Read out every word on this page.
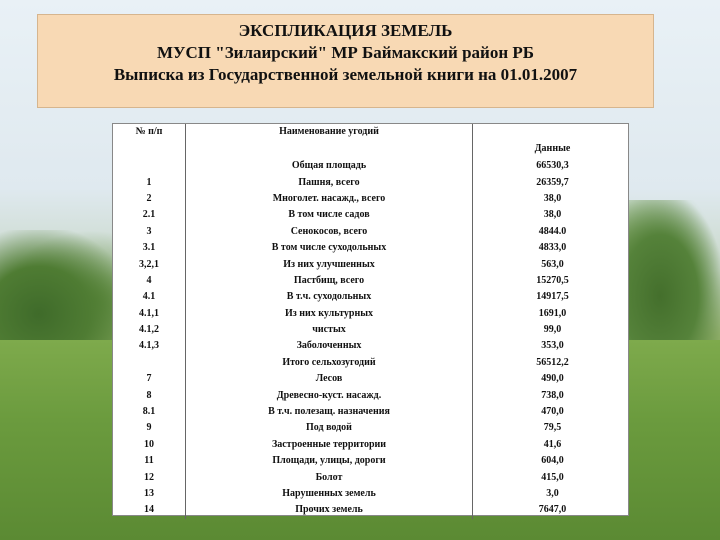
ЭКСПЛИКАЦИЯ ЗЕМЕЛЬ
МУСП "Зилаирский" МР Баймакский район РБ
Выписка из Государственной земельной книги на 01.01.2007
№ п/п	Наименование угодий	
		Данные
	Общая площадь	66530,3
1	Пашня, всего	26359,7
2	Многолет. насажд., всего	38,0
2.1	В том числе садов	38,0
3	Сенокосов, всего	4844.0
3.1	В том числе суходольных	4833,0
3,2,1	Из них улучшенных	563,0
4	Пастбищ, всего	15270,5
4.1	В т.ч. суходольных	14917,5
4.1,1	Из них культурных	1691,0
4.1,2	чистых	99,0
4.1,3	Заболоченных	353,0
	Итого сельхозугодий	56512,2
7	Лесов	490,0
8	Древесно-куст. насажд.	738,0
8.1	В т.ч. полезащ. назначения	470,0
9	Под водой	79,5
10	Застроенные территории	41,6
11	Площади, улицы, дороги	604,0
12	Болот	415,0
13	Нарушенных земель	3,0
14	Прочих земель	7647,0
